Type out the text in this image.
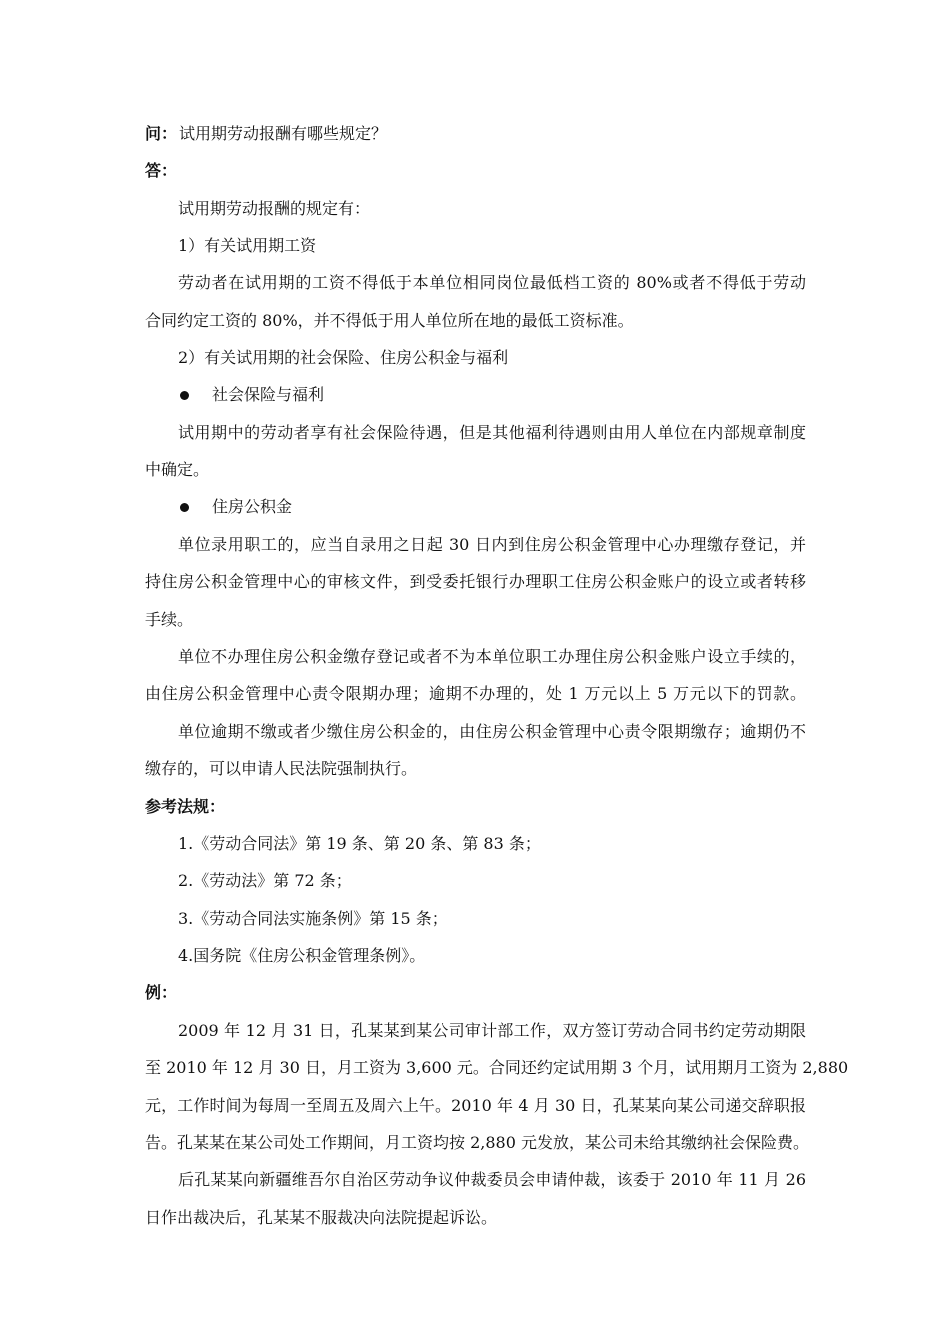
问： 试用期劳动报酬有哪些规定？
答：
试用期劳动报酬的规定有：
1）有关试用期工资
劳动者在试用期的工资不得低于本单位相同岗位最低档工资的 80%或者不得低于劳动
合同约定工资的 80%，并不得低于用人单位所在地的最低工资标准。
2）有关试用期的社会保险、住房公积金与福利
社会保险与福利
试用期中的劳动者享有社会保险待遇，但是其他福利待遇则由用人单位在内部规章制度
中确定。
住房公积金
单位录用职工的，应当自录用之日起 30 日内到住房公积金管理中心办理缴存登记，并
持住房公积金管理中心的审核文件，到受委托银行办理职工住房公积金账户的设立或者转移
手续。
单位不办理住房公积金缴存登记或者不为本单位职工办理住房公积金账户设立手续的，
由住房公积金管理中心责令限期办理；逾期不办理的，处 1 万元以上 5 万元以下的罚款。
单位逾期不缴或者少缴住房公积金的，由住房公积金管理中心责令限期缴存；逾期仍不
缴存的，可以申请人民法院强制执行。
参考法规：
1.《劳动合同法》第 19 条、第 20 条、第 83 条；
2.《劳动法》第 72 条；
3.《劳动合同法实施条例》第 15 条；
4.国务院《住房公积金管理条例》。
例：
2009 年 12 月 31 日，孔某某到某公司审计部工作，双方签订劳动合同书约定劳动期限
至 2010 年 12 月 30 日，月工资为 3,600 元。合同还约定试用期 3 个月，试用期月工资为 2,880
元，工作时间为每周一至周五及周六上午。2010 年 4 月 30 日，孔某某向某公司递交辞职报
告。孔某某在某公司处工作期间，月工资均按 2,880 元发放，某公司未给其缴纳社会保险费。
后孔某某向新疆维吾尔自治区劳动争议仲裁委员会申请仲裁，该委于 2010 年 11 月 26
日作出裁决后，孔某某不服裁决向法院提起诉讼。
